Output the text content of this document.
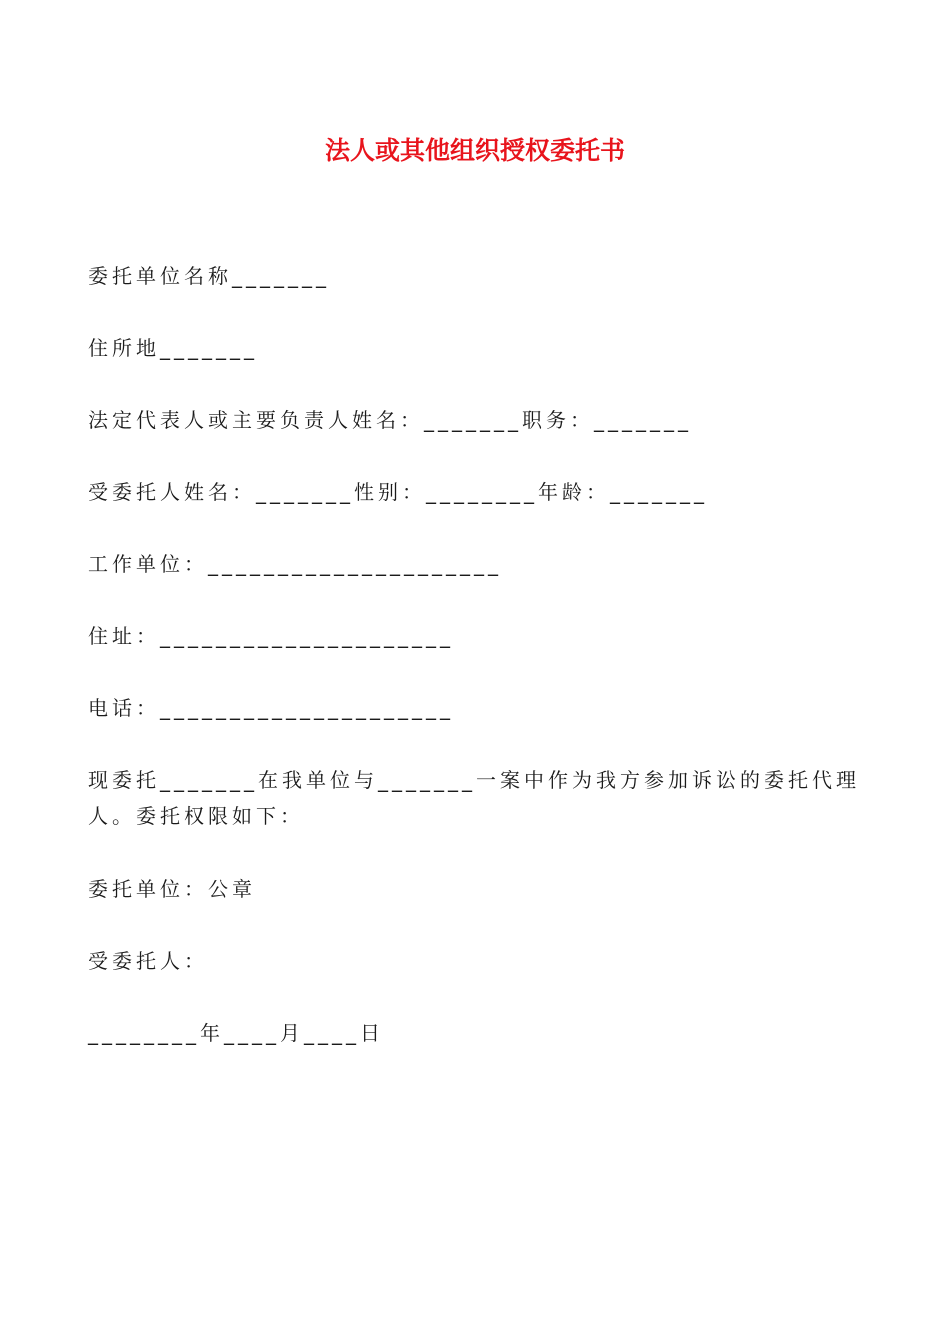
法人或其他组织授权委托书
委托单位名称_______
住所地_______
法定代表人或主要负责人姓名：_______职务：_______
受委托人姓名：_______性别：________年龄：_______
工作单位：_____________________
住址：_____________________
电话：_____________________
现委托_______在我单位与_______一案中作为我方参加诉讼的委托代理人。委托权限如下：
委托单位：公章
受委托人：
________年____月____日
